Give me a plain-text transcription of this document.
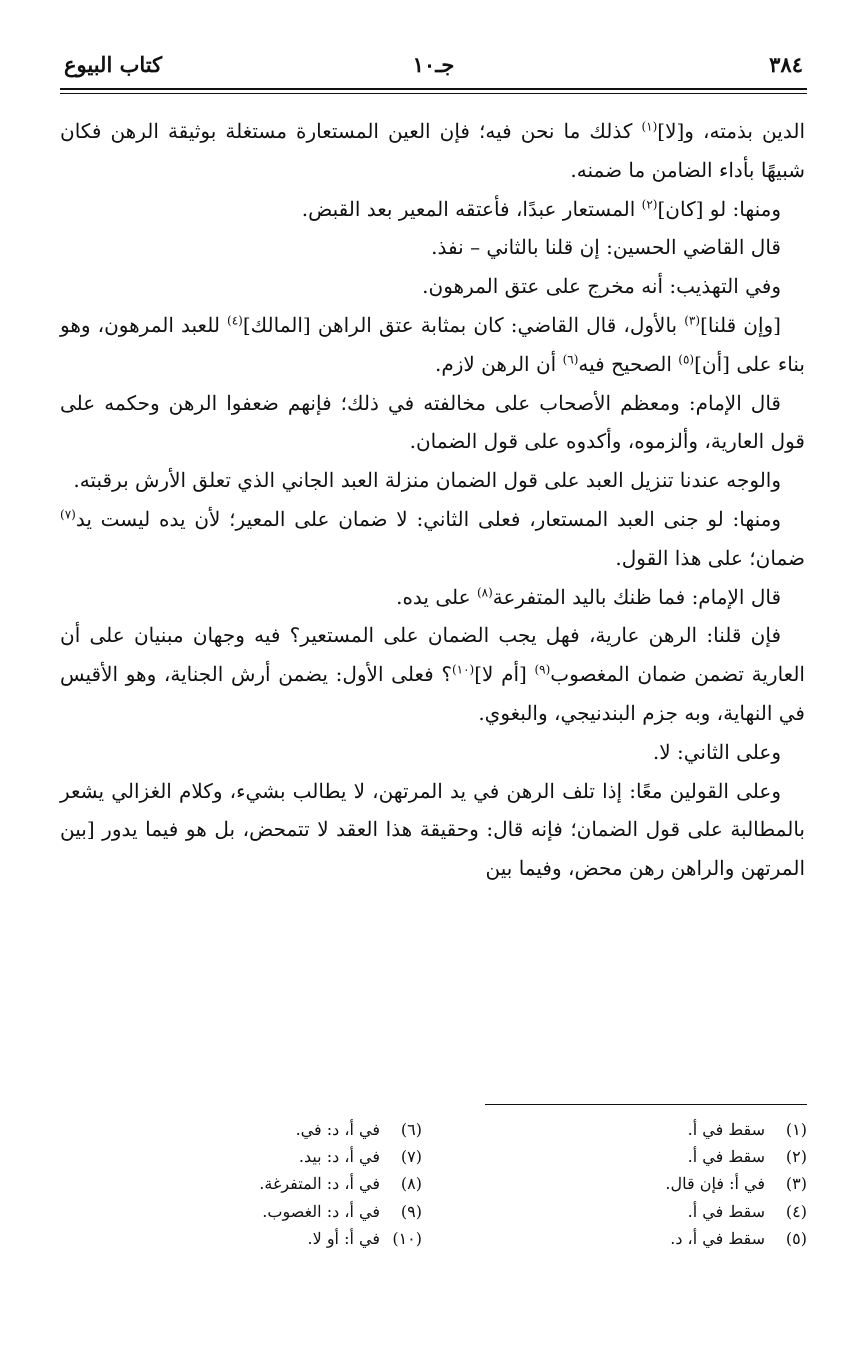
٣٨٤
جـ١٠
كتاب البيوع

الدين بذمته، و[لا]$^{(١)}$ كذلك ما نحن فيه؛ فإن العين المستعارة مستغلة بوثيقة الرهن فكان شبيهًا بأداء الضامن ما ضمنه.

ومنها: لو [كان]$^{(٢)}$ المستعار عبدًا، فأعتقه المعير بعد القبض.

قال القاضي الحسين: إن قلنا بالثاني – نفذ.

وفي التهذيب: أنه مخرج على عتق المرهون.

[وإن قلنا]$^{(٣)}$ بالأول، قال القاضي: كان بمثابة عتق الراهن [المالك]$^{(٤)}$ للعبد المرهون، وهو بناء على [أن]$^{(٥)}$ الصحيح فيه$^{(٦)}$ أن الرهن لازم.

قال الإمام: ومعظم الأصحاب على مخالفته في ذلك؛ فإنهم ضعفوا الرهن وحكمه على قول العارية، وألزموه، وأكدوه على قول الضمان.

والوجه عندنا تنزيل العبد على قول الضمان منزلة العبد الجاني الذي تعلق الأرش برقبته.

ومنها: لو جنى العبد المستعار، فعلى الثاني: لا ضمان على المعير؛ لأن يده ليست يد$^{(٧)}$ ضمان؛ على هذا القول.

قال الإمام: فما ظنك باليد المتفرعة$^{(٨)}$ على يده.

فإن قلنا: الرهن عارية، فهل يجب الضمان على المستعير؟ فيه وجهان مبنيان على أن العارية تضمن ضمان المغصوب$^{(٩)}$ [أم لا]$^{(١٠)}$؟ فعلى الأول: يضمن أرش الجناية، وهو الأقيس في النهاية، وبه جزم البندنيجي، والبغوي.

وعلى الثاني: لا.

وعلى القولين معًا: إذا تلف الرهن في يد المرتهن، لا يطالب بشيء، وكلام الغزالي يشعر بالمطالبة على قول الضمان؛ فإنه قال: وحقيقة هذا العقد لا تتمحض، بل هو فيما يدور [بين المرتهن والراهن رهن محض، وفيما بين

(١)سقط في أ.
(٢)سقط في أ.
(٣)في أ: فإن قال.
(٤)سقط في أ.
(٥)سقط في أ، د.
(٦)في أ، د: في.
(٧)في أ، د: بيد.
(٨)في أ، د: المتفرغة.
(٩)في أ، د: الغصوب.
(١٠)في أ: أو لا.
